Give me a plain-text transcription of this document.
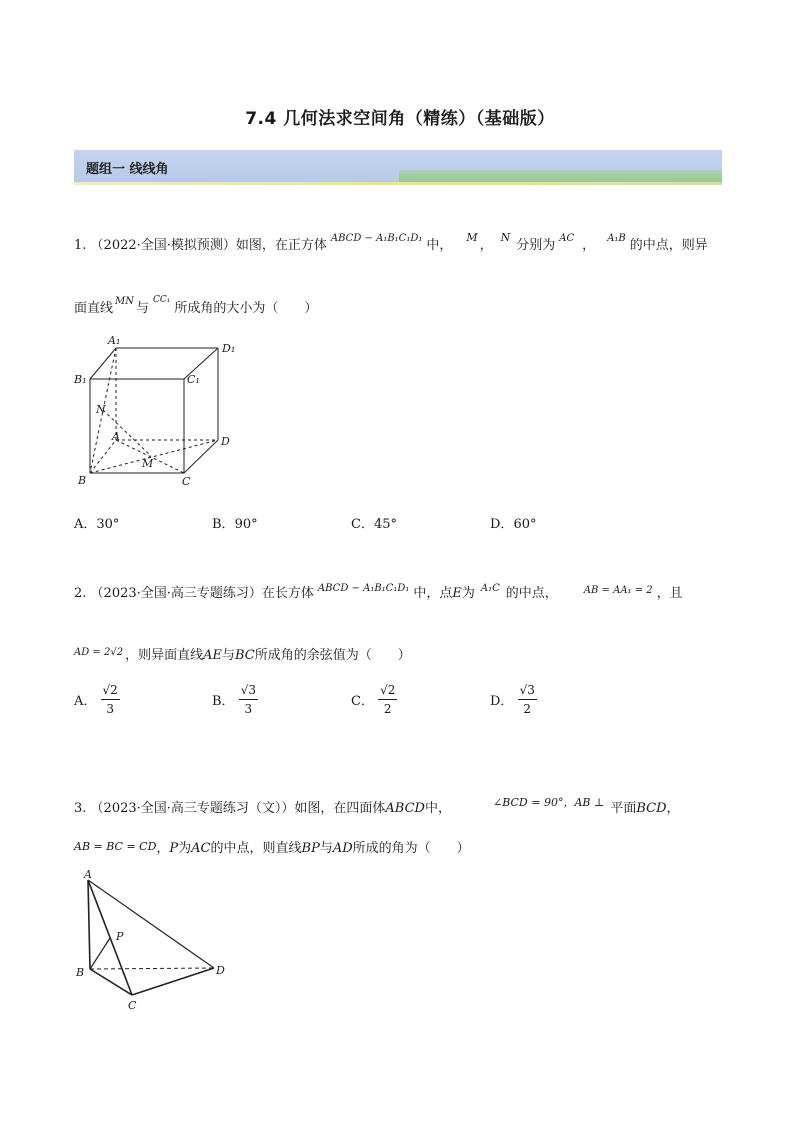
7.4 几何法求空间角（精练）（基础版）
题组一 线线角
1. （2022·全国·模拟预测）如图，在正方体 $^{ABCD - A_1B_1C_1D_1}$ 中，$^M$，$^N$分别为 $^{AC}$ ， $^{A_1B}$ 的中点，则异
面直线 $^{MN}$ 与$^{CC_1}$所成角的大小为（　　）
A₁
D₁
B₁	C₁
N
A	D
M
B	C
A．30°	B．90°	C．45°	D．60°
2. （2023·全国·高三专题练习）在长方体 $^{ABCD - A_1B_1C_1D_1}$ 中，点E为 $^{A_1C}$ 的中点，	$^{AB = AA_1 = 2}$ ，且
$^{AD = 2√2}$ ，则异面直线AE与BC所成角的余弦值为（　　）
A． $\frac{√2}{3}$	B． $\frac{√3}{3}$	C． $\frac{√2}{2}$	D． $\frac{√3}{2}$
3. （2023·全国·高三专题练习（文））如图，在四面体ABCD中，	$^{\angle BCD = 90^\circ,AB \perp}$ 平面BCD，
AB = BC = CD，P为AC的中点，则直线BP与AD所成的角为（　　）
A
P
B	D
C
